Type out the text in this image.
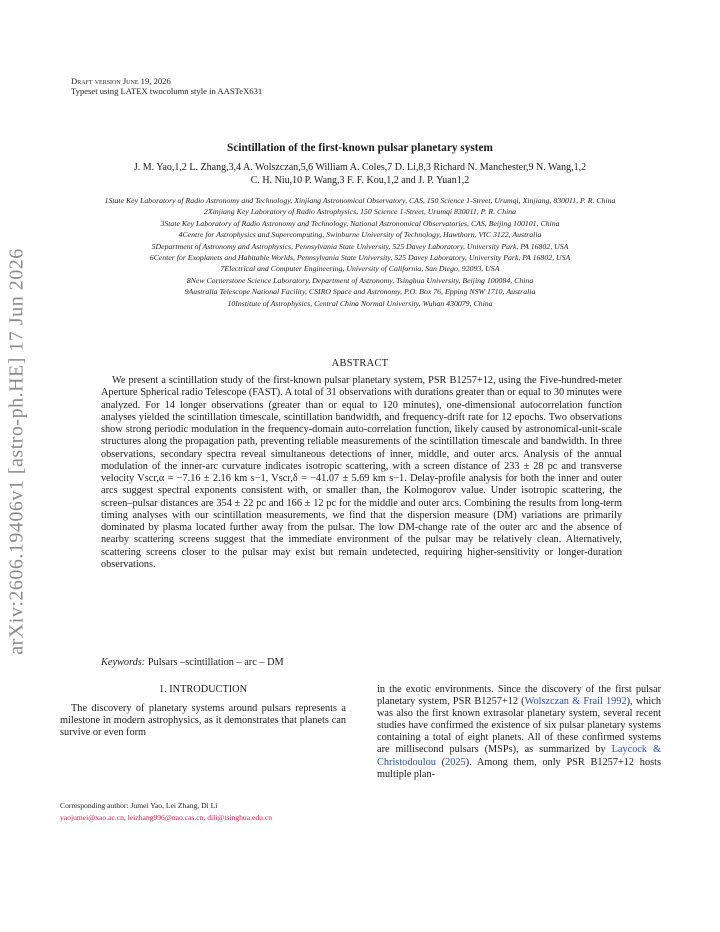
arXiv:2606.19406v1 [astro-ph.HE] 17 Jun 2026
Draft version June 19, 2026
Typeset using LATEX twocolumn style in AASTeX631
Scintillation of the first-known pulsar planetary system
J. M. Yao,1,2 L. Zhang,3,4 A. Wolszczan,5,6 William A. Coles,7 D. Li,8,3 Richard N. Manchester,9 N. Wang,1,2
C. H. Niu,10 P. Wang,3 F. F. Kou,1,2 and J. P. Yuan1,2
1State Key Laboratory of Radio Astronomy and Technology, Xinjiang Astronomical Observatory, CAS, 150 Science 1-Street, Urumqi, Xinjiang, 830011, P. R. China
2Xinjiang Key Laboratory of Radio Astrophysics, 150 Science 1-Street, Urumqi 830011, P. R. China
3State Key Laboratory of Radio Astronomy and Technology, National Astronomical Observatories, CAS, Beijing 100101, China
4Centre for Astrophysics and Supercomputing, Swinburne University of Technology, Hawthorn, VIC 3122, Australia
5Department of Astronomy and Astrophysics, Pennsylvania State University, 525 Davey Laboratory, University Park, PA 16802, USA
6Center for Exoplanets and Habitable Worlds, Pennsylvania State University, 525 Davey Laboratory, University Park, PA 16802, USA
7Electrical and Computer Engineering, University of California, San Diego, 92093, USA
8New Cornerstone Science Laboratory, Department of Astronomy, Tsinghua University, Beijing 100084, China
9Australia Telescope National Facility, CSIRO Space and Astronomy, P.O. Box 76, Epping NSW 1710, Australia
10Institute of Astrophysics, Central China Normal University, Wuhan 430079, China
ABSTRACT
We present a scintillation study of the first-known pulsar planetary system, PSR B1257+12, using the Five-hundred-meter Aperture Spherical radio Telescope (FAST). A total of 31 observations with durations greater than or equal to 30 minutes were analyzed. For 14 longer observations (greater than or equal to 120 minutes), one-dimensional autocorrelation function analyses yielded the scintillation timescale, scintillation bandwidth, and frequency-drift rate for 12 epochs. Two observations show strong periodic modulation in the frequency-domain auto-correlation function, likely caused by astronomical-unit-scale structures along the propagation path, preventing reliable measurements of the scintillation timescale and bandwidth. In three observations, secondary spectra reveal simultaneous detections of inner, middle, and outer arcs. Analysis of the annual modulation of the inner-arc curvature indicates isotropic scattering, with a screen distance of 233 ± 28 pc and transverse velocity Vscr,α = −7.16 ± 2.16 km s−1, Vscr,δ = −41.07 ± 5.69 km s−1. Delay-profile analysis for both the inner and outer arcs suggest spectral exponents consistent with, or smaller than, the Kolmogorov value. Under isotropic scattering, the screen–pulsar distances are 354 ± 22 pc and 166 ± 12 pc for the middle and outer arcs. Combining the results from long-term timing analyses with our scintillation measurements, we find that the dispersion measure (DM) variations are primarily dominated by plasma located further away from the pulsar. The low DM-change rate of the outer arc and the absence of nearby scattering screens suggest that the immediate environment of the pulsar may be relatively clean. Alternatively, scattering screens closer to the pulsar may exist but remain undetected, requiring higher-sensitivity or longer-duration observations.
Keywords: Pulsars –scintillation – arc – DM
1. INTRODUCTION
The discovery of planetary systems around pulsars represents a milestone in modern astrophysics, as it demonstrates that planets can survive or even form
Corresponding author: Jumei Yao, Lei Zhang, Di Li
yaojumei@xao.ac.cn, leizhang996@nao.cas.cn, dili@tsinghua.edu.cn
in the exotic environments. Since the discovery of the first pulsar planetary system, PSR B1257+12 (Wolszczan & Frail 1992), which was also the first known extrasolar planetary system, several recent studies have confirmed the existence of six pulsar planetary systems containing a total of eight planets. All of these confirmed systems are millisecond pulsars (MSPs), as summarized by Laycock & Christodoulou (2025). Among them, only PSR B1257+12 hosts multiple plan-
